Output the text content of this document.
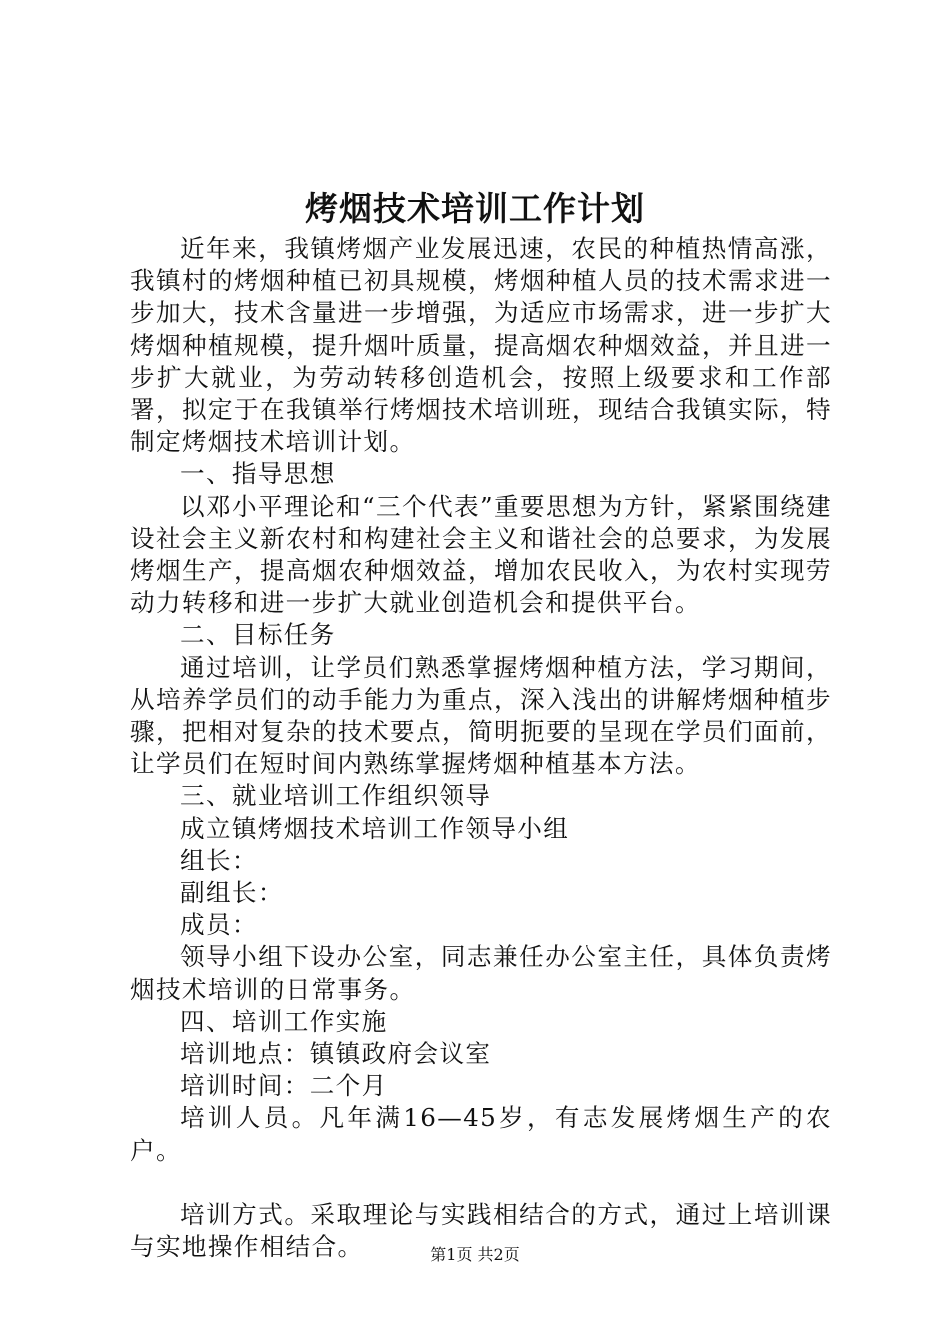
烤烟技术培训工作计划

近年来，我镇烤烟产业发展迅速，农民的种植热情高涨，我镇村的烤烟种植已初具规模，烤烟种植人员的技术需求进一步加大，技术含量进一步增强，为适应市场需求，进一步扩大烤烟种植规模，提升烟叶质量，提高烟农种烟效益，并且进一步扩大就业，为劳动转移创造机会，按照上级要求和工作部署，拟定于在我镇举行烤烟技术培训班，现结合我镇实际，特制定烤烟技术培训计划。

一、指导思想

以邓小平理论和“三个代表”重要思想为方针，紧紧围绕建设社会主义新农村和构建社会主义和谐社会的总要求，为发展烤烟生产，提高烟农种烟效益，增加农民收入，为农村实现劳动力转移和进一步扩大就业创造机会和提供平台。

二、目标任务

通过培训，让学员们熟悉掌握烤烟种植方法，学习期间，从培养学员们的动手能力为重点，深入浅出的讲解烤烟种植步骤，把相对复杂的技术要点，简明扼要的呈现在学员们面前，让学员们在短时间内熟练掌握烤烟种植基本方法。

三、就业培训工作组织领导

成立镇烤烟技术培训工作领导小组

组长：

副组长：

成员：

领导小组下设办公室，同志兼任办公室主任，具体负责烤烟技术培训的日常事务。

四、培训工作实施

培训地点：镇镇政府会议室

培训时间：二个月

培训人员。凡年满16—45岁，有志发展烤烟生产的农户。

培训方式。采取理论与实践相结合的方式，通过上培训课与实地操作相结合。	第1页 共2页
